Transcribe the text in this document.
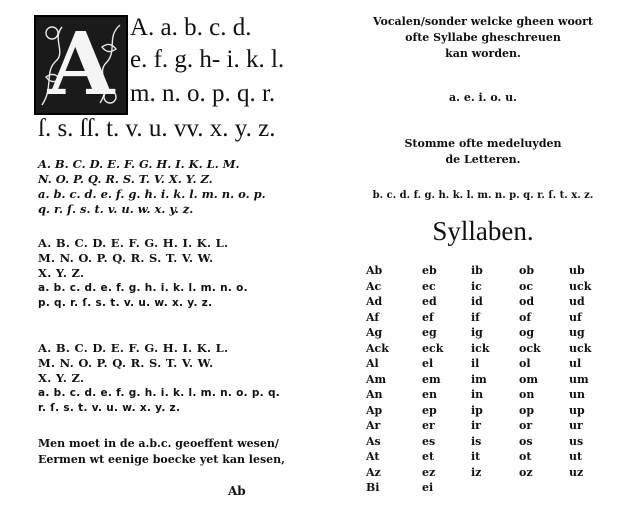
A A. a. b. c. d.
e. f. g. h- i. k. l.
m. n. o. p. q. r.
ſ. s. ſſ. t. v. u. vv. x. y. z.
A. B. C. D. E. F. G. H. I. K. L. M.
N. O. P. Q. R. S. T. V. X. Y. Z.
a. b. c. d. e. f. g. h. i. k. l. m. n. o. p.
q. r. ſ. s. t. v. u. w. x. y. z.
A. B. C. D. E. F. G. H. I. K. L.
M. N. O. P. Q. R. S. T. V. W.
X. Y. Z.
a. b. c. d. e. f. g. h. i. k. l. m. n. o.
p. q. r. ſ. s. t. v. u. w. x. y. z.
A. B. C. D. E. F. G. H. I. K. L.
M. N. O. P. Q. R. S. T. V. W.
X. Y. Z.
a. b. c. d. e. f. g. h. i. k. l. m. n. o. p. q.
r. ſ. s. t. v. u. w. x. y. z.
Men moet in de a.b.c. geoeffent wesen/
Eermen wt eenige boecke yet kan lesen,
Ab
Vocalen/sonder welcke gheen woort
ofte Syllabe gheschreuen
kan worden.
a. e. i. o. u.
Stomme ofte medeluyden
de Letteren.
b. c. d. f. g. h. k. l. m. n. p. q. r. ſ. t. x. z.
Syllaben.
Ab	eb	ib	ob	ub
Ac	ec	ic	oc	uck
Ad	ed	id	od	ud
Af	ef	if	of	uf
Ag	eg	ig	og	ug
Ack	eck	ick	ock	uck
Al	el	il	ol	ul
Am	em	im	om	um
An	en	in	on	un
Ap	ep	ip	op	up
Ar	er	ir	or	ur
As	es	is	os	us
At	et	it	ot	ut
Az	ez	iz	oz	uz
Bi	ei
